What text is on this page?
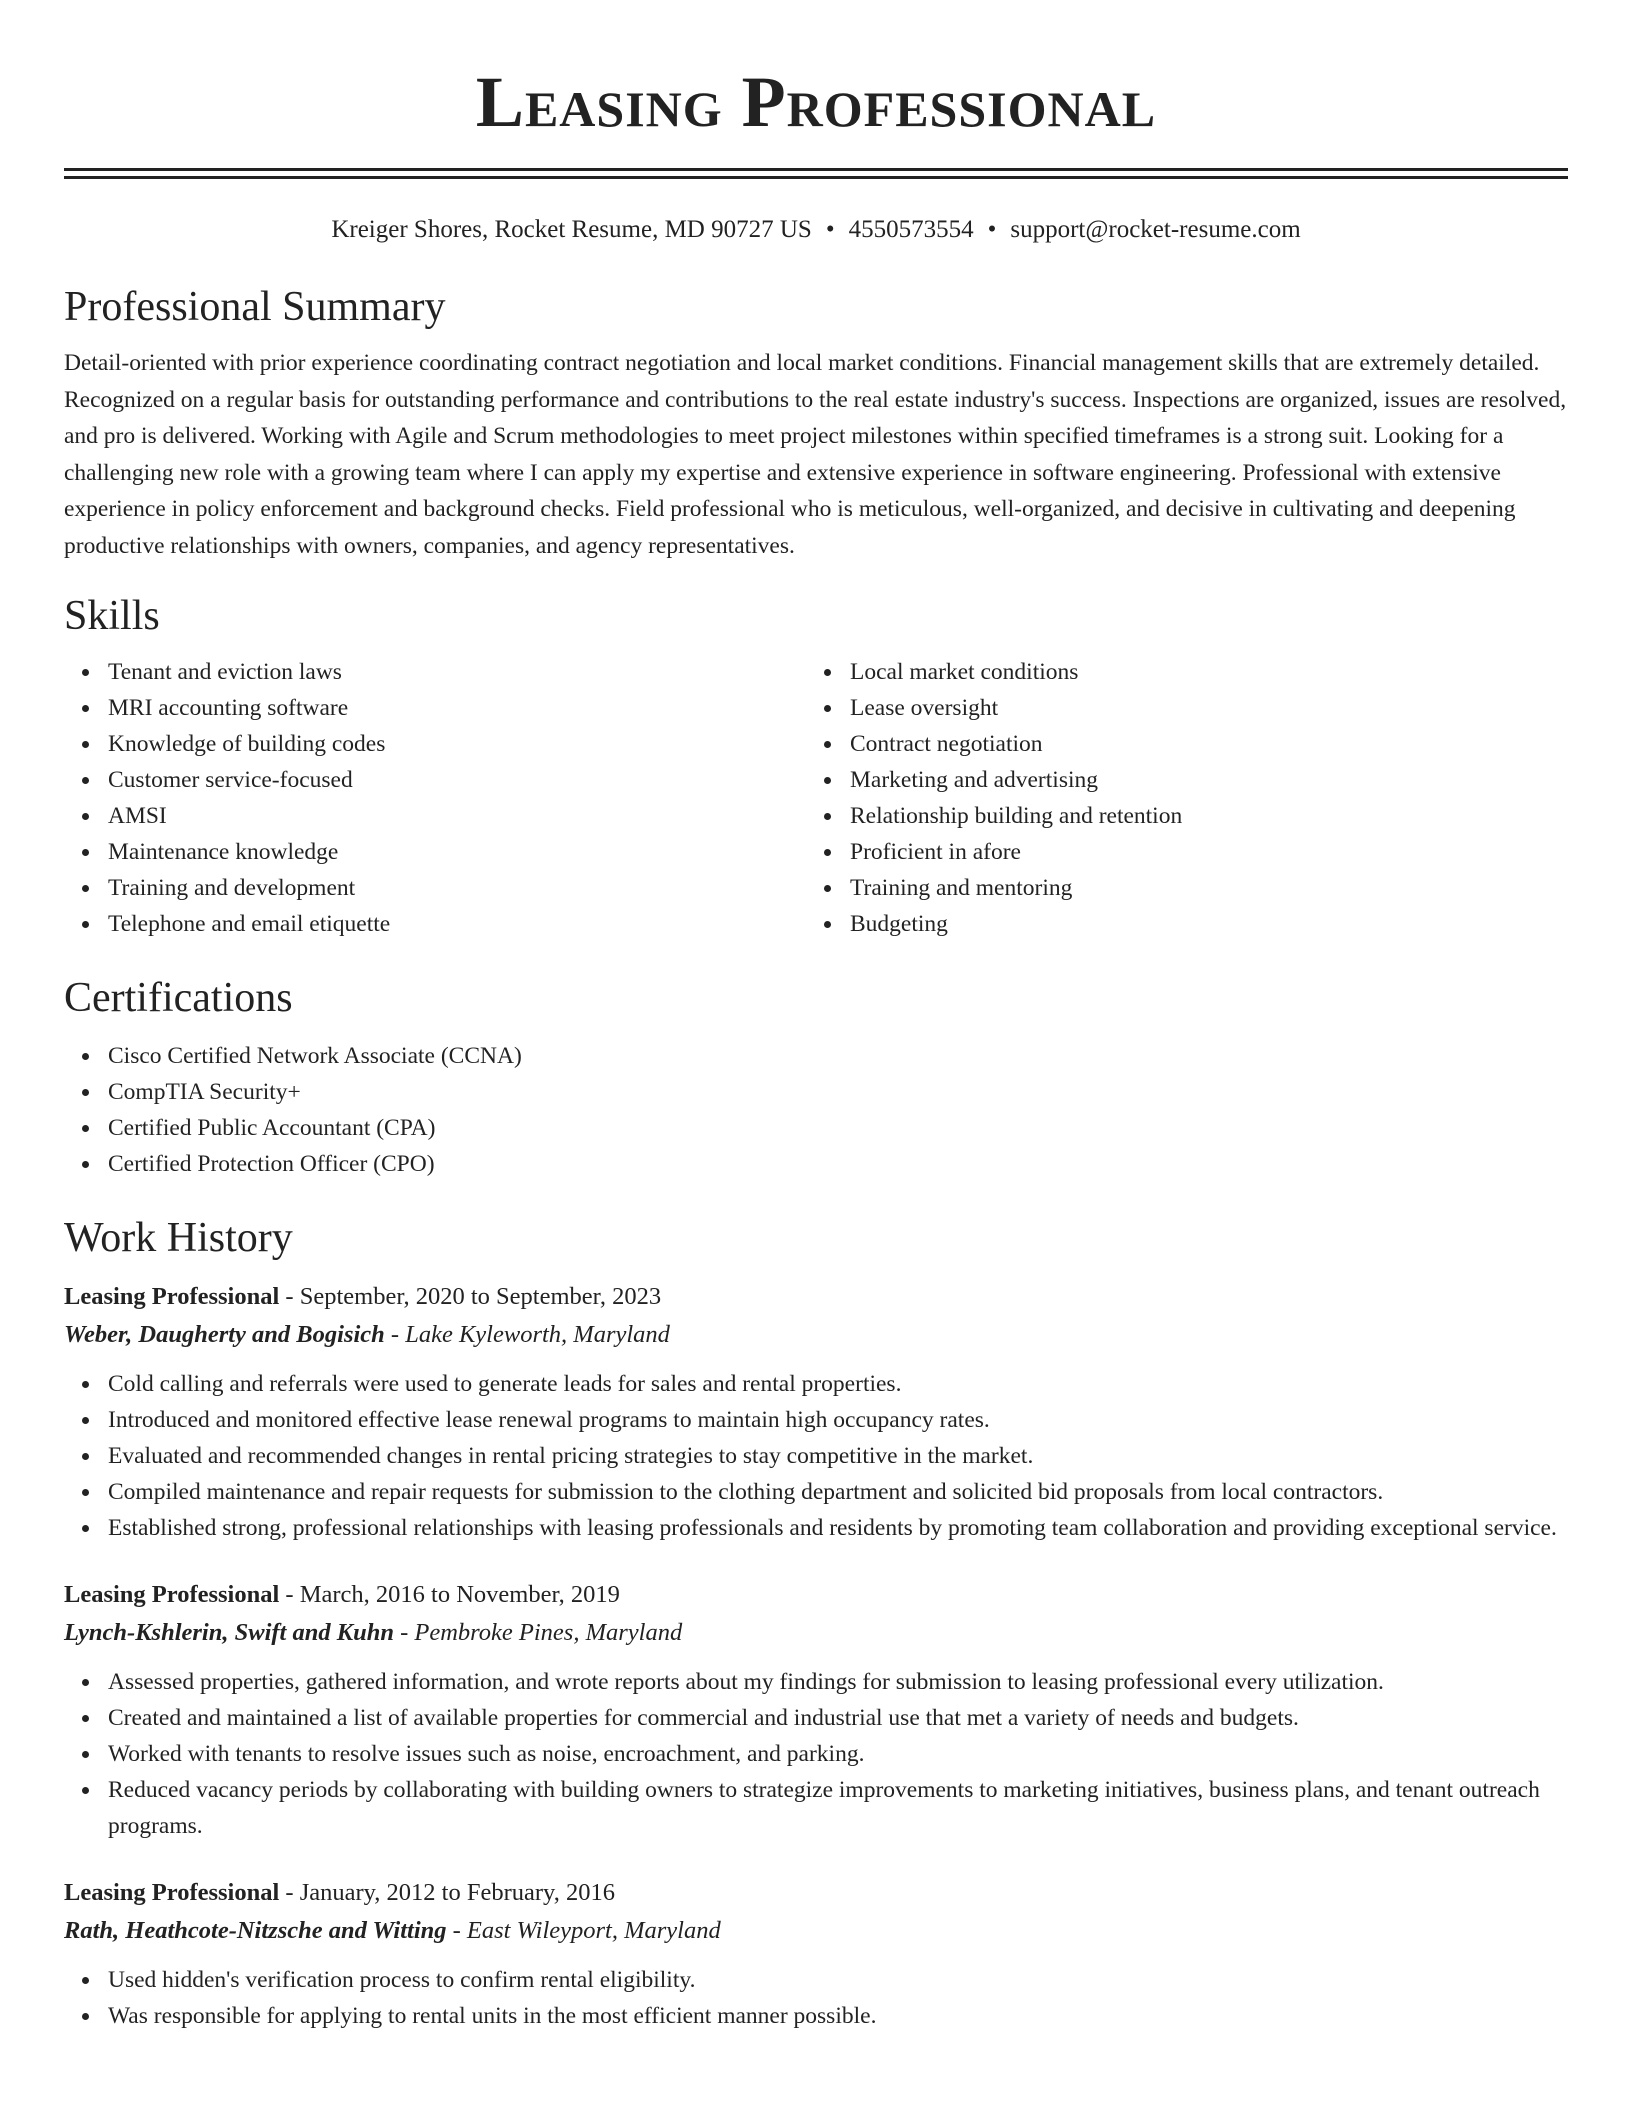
Leasing Professional
Kreiger Shores, Rocket Resume, MD 90727 US • 4550573554 • support@rocket-resume.com
Professional Summary

Detail-oriented with prior experience coordinating contract negotiation and local market conditions. Financial management skills that are extremely detailed. Recognized on a regular basis for outstanding performance and contributions to the real estate industry's success. Inspections are organized, issues are resolved, and pro is delivered. Working with Agile and Scrum methodologies to meet project milestones within specified timeframes is a strong suit. Looking for a challenging new role with a growing team where I can apply my expertise and extensive experience in software engineering. Professional with extensive experience in policy enforcement and background checks. Field professional who is meticulous, well-organized, and decisive in cultivating and deepening productive relationships with owners, companies, and agency representatives.

Skills
Tenant and eviction laws
MRI accounting software
Knowledge of building codes
Customer service-focused
AMSI
Maintenance knowledge
Training and development
Telephone and email etiquette
Local market conditions
Lease oversight
Contract negotiation
Marketing and advertising
Relationship building and retention
Proficient in afore
Training and mentoring
Budgeting
Certifications
Cisco Certified Network Associate (CCNA)
CompTIA Security+
Certified Public Accountant (CPA)
Certified Protection Officer (CPO)
Work History
Leasing Professional - September, 2020 to September, 2023
Weber, Daugherty and Bogisich - Lake Kyleworth, Maryland
Cold calling and referrals were used to generate leads for sales and rental properties.
Introduced and monitored effective lease renewal programs to maintain high occupancy rates.
Evaluated and recommended changes in rental pricing strategies to stay competitive in the market.
Compiled maintenance and repair requests for submission to the clothing department and solicited bid proposals from local contractors.
Established strong, professional relationships with leasing professionals and residents by promoting team collaboration and providing exceptional service.
Leasing Professional - March, 2016 to November, 2019
Lynch-Kshlerin, Swift and Kuhn - Pembroke Pines, Maryland
Assessed properties, gathered information, and wrote reports about my findings for submission to leasing professional every utilization.
Created and maintained a list of available properties for commercial and industrial use that met a variety of needs and budgets.
Worked with tenants to resolve issues such as noise, encroachment, and parking.
Reduced vacancy periods by collaborating with building owners to strategize improvements to marketing initiatives, business plans, and tenant outreach programs.
Leasing Professional - January, 2012 to February, 2016
Rath, Heathcote-Nitzsche and Witting - East Wileyport, Maryland
Used hidden's verification process to confirm rental eligibility.
Was responsible for applying to rental units in the most efficient manner possible.
